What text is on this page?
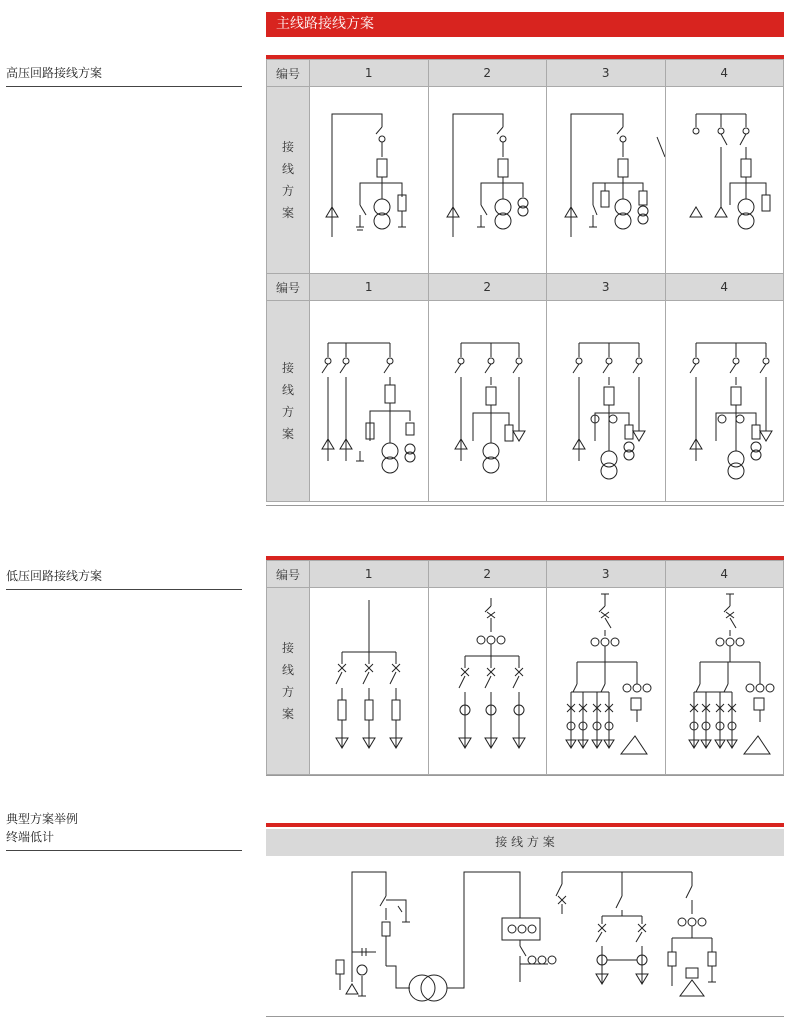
主线路接线方案
高压回路接线方案
低压回路接线方案
典型方案举例
终端低计
编号	1	2	3	4

接
线
方
案

编号	1	2	3	4

接
线
方
案

编号	1	2	3	4

接
线
方
案

接 线 方 案
